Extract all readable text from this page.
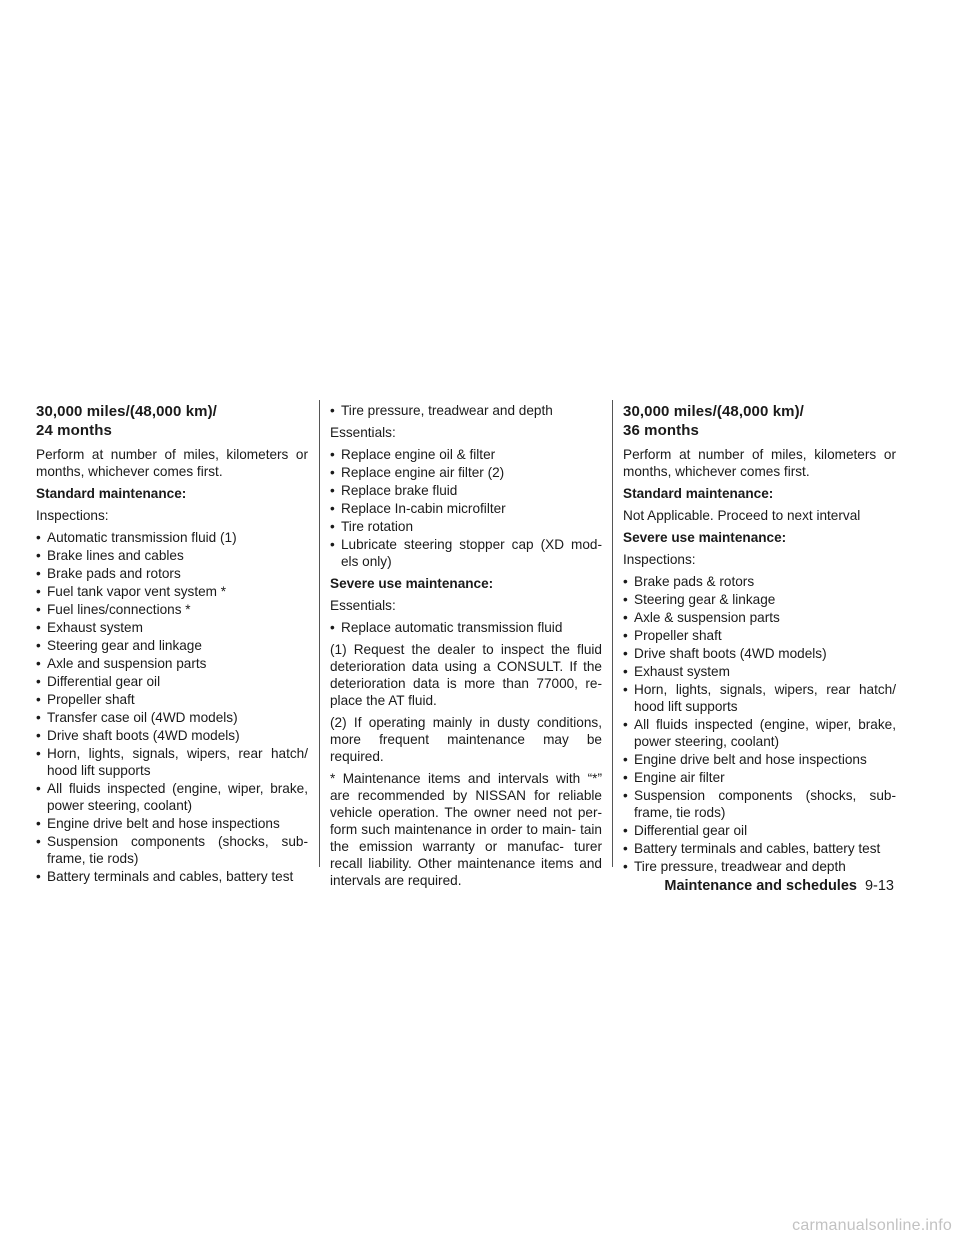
30,000 miles/(48,000 km)/
24 months

Perform at number of miles, kilometers or months, whichever comes first.

Standard maintenance:

Inspections:

• Automatic transmission fluid (1)
• Brake lines and cables
• Brake pads and rotors
• Fuel tank vapor vent system *
• Fuel lines/connections *
• Exhaust system
• Steering gear and linkage
• Axle and suspension parts
• Differential gear oil
• Propeller shaft
• Transfer case oil (4WD models)
• Drive shaft boots (4WD models)
• Horn, lights, signals, wipers, rear hatch/ hood lift supports
• All fluids inspected (engine, wiper, brake, power steering, coolant)
• Engine drive belt and hose inspections
• Suspension components (shocks, sub- frame, tie rods)
• Battery terminals and cables, battery test
• Tire pressure, treadwear and depth

Essentials:

• Replace engine oil & filter
• Replace engine air filter (2)
• Replace brake fluid
• Replace In-cabin microfilter
• Tire rotation
• Lubricate steering stopper cap (XD mod- els only)
Severe use maintenance:

Essentials:

• Replace automatic transmission fluid

(1) Request the dealer to inspect the fluid deterioration data using a CONSULT. If the deterioration data is more than 77000, re- place the AT fluid.

(2) If operating mainly in dusty conditions, more frequent maintenance may be required.

* Maintenance items and intervals with “*” are recommended by NISSAN for reliable vehicle operation. The owner need not per- form such maintenance in order to main- tain the emission warranty or manufac- turer recall liability. Other maintenance items and intervals are required.

30,000 miles/(48,000 km)/
36 months

Perform at number of miles, kilometers or months, whichever comes first.

Standard maintenance:

Not Applicable. Proceed to next interval

Severe use maintenance:

Inspections:

• Brake pads & rotors
• Steering gear & linkage
• Axle & suspension parts
• Propeller shaft
• Drive shaft boots (4WD models)
• Exhaust system
• Horn, lights, signals, wipers, rear hatch/ hood lift supports
• All fluids inspected (engine, wiper, brake, power steering, coolant)
• Engine drive belt and hose inspections
• Engine air filter
• Suspension components (shocks, sub- frame, tie rods)
• Differential gear oil
• Battery terminals and cables, battery test
• Tire pressure, treadwear and depth
Maintenance and schedules 9-13
carmanualsonline.info
